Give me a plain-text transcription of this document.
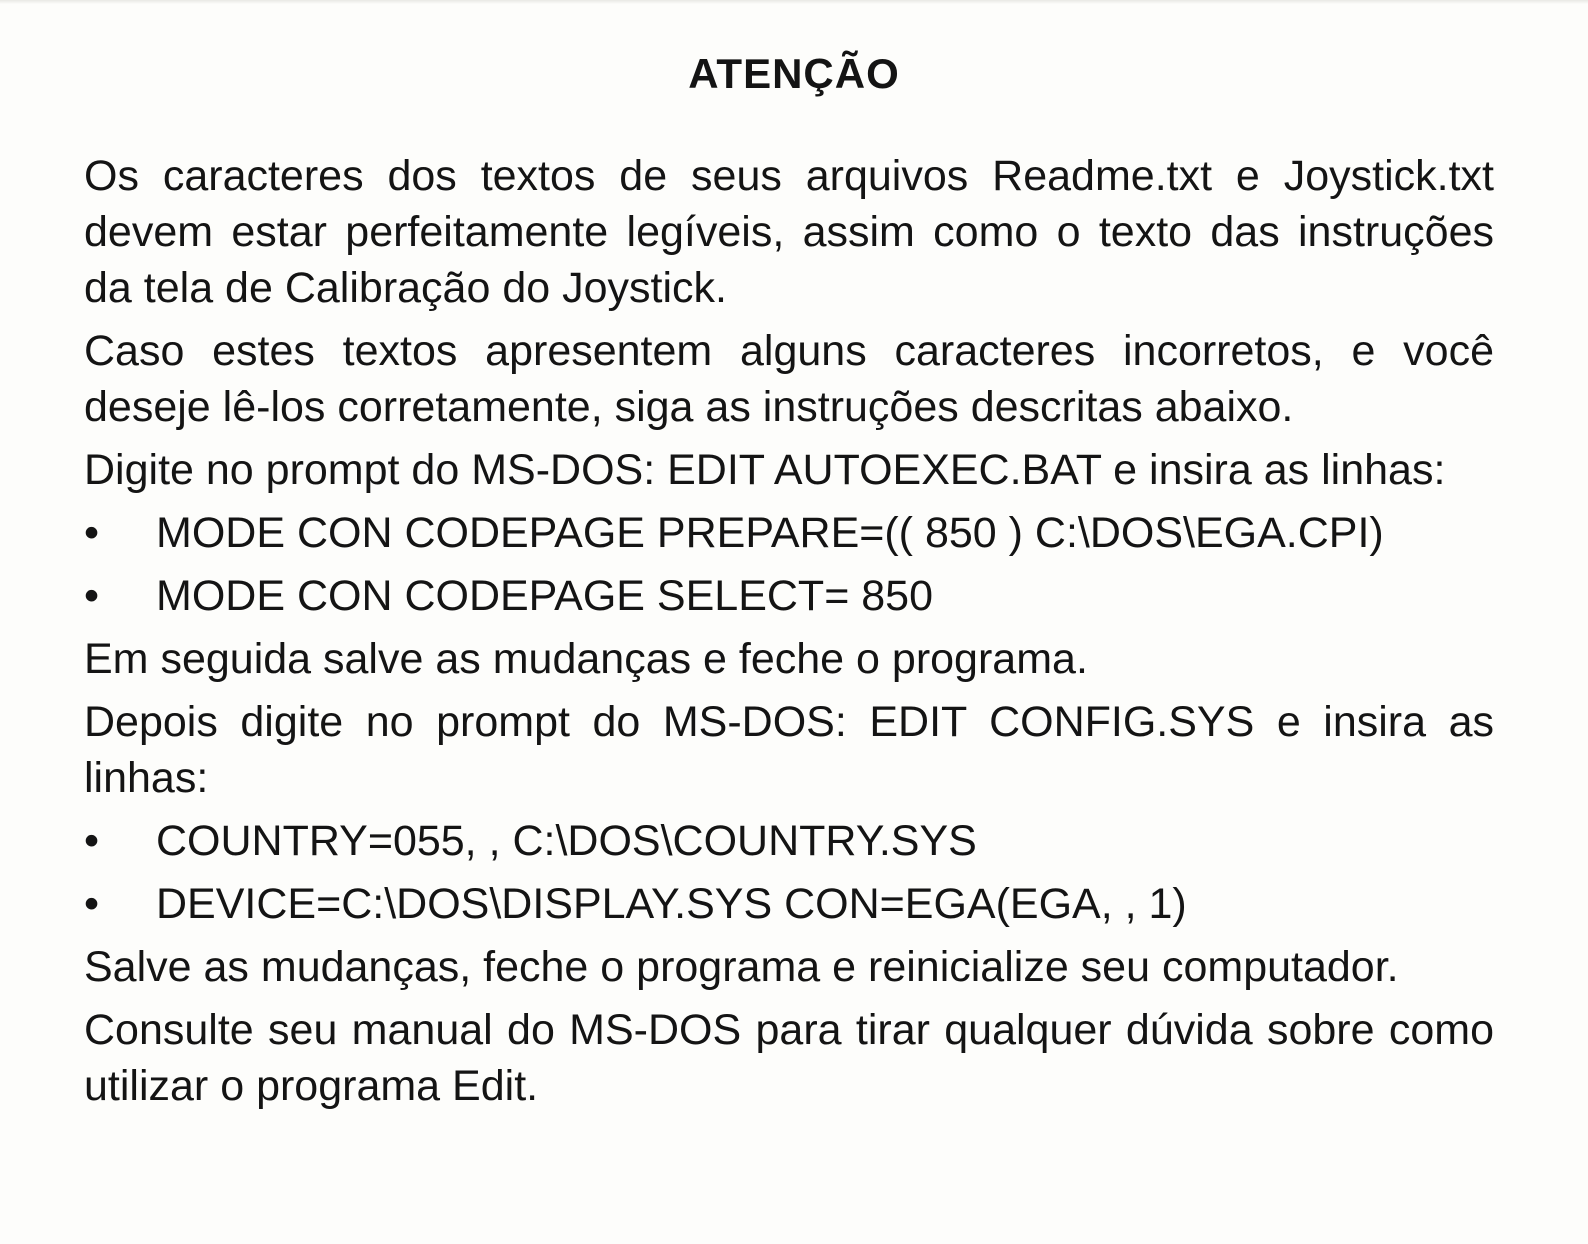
ATENÇÃO

Os caracteres dos textos de seus arquivos Readme.txt e Joystick.txt devem estar perfeitamente legíveis, assim como o texto das instruções da tela de Calibração do Joystick.

Caso estes textos apresentem alguns caracteres incorretos, e você deseje lê-los corretamente, siga as instruções descritas abaixo.

Digite no prompt do MS-DOS: EDIT AUTOEXEC.BAT e insira as linhas:

•	MODE CON CODEPAGE PREPARE=(( 850 ) C:\DOS\EGA.CPI)
•	MODE CON CODEPAGE SELECT= 850

Em seguida salve as mudanças e feche o programa.

Depois digite no prompt do MS-DOS: EDIT CONFIG.SYS e insira as linhas:

•	COUNTRY=055, , C:\DOS\COUNTRY.SYS
•	DEVICE=C:\DOS\DISPLAY.SYS CON=EGA(EGA, , 1)

Salve as mudanças, feche o programa e reinicialize seu computador.

Consulte seu manual do MS-DOS para tirar qualquer dúvida sobre como utilizar o programa Edit.
